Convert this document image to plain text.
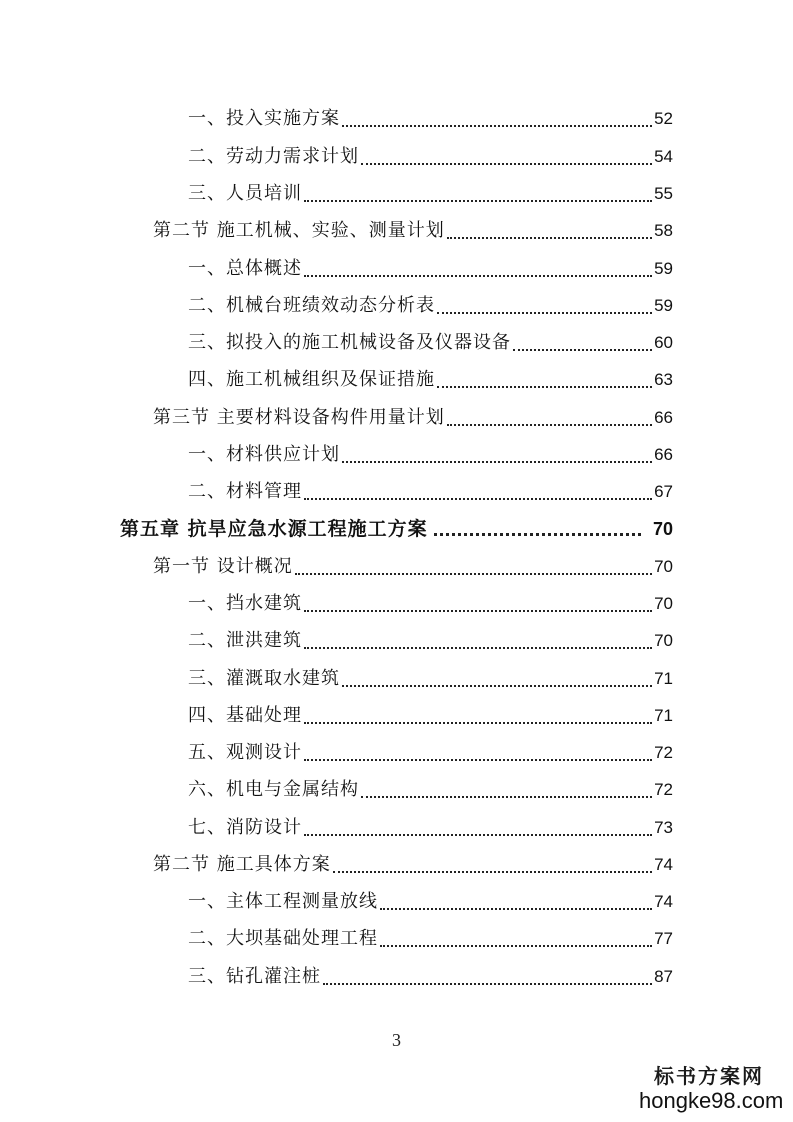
一、投入实施方案	52
二、劳动力需求计划	54
三、人员培训	55
第二节 施工机械、实验、测量计划	58
一、总体概述	59
二、机械台班绩效动态分析表	59
三、拟投入的施工机械设备及仪器设备	60
四、施工机械组织及保证措施	63
第三节 主要材料设备构件用量计划	66
一、材料供应计划	66
二、材料管理	67
第五章 抗旱应急水源工程施工方案	70
第一节 设计概况	70
一、挡水建筑	70
二、泄洪建筑	70
三、灌溉取水建筑	71
四、基础处理	71
五、观测设计	72
六、机电与金属结构	72
七、消防设计	73
第二节 施工具体方案	74
一、主体工程测量放线	74
二、大坝基础处理工程	77
三、钻孔灌注桩	87
3
标书方案网
hongke98.com
